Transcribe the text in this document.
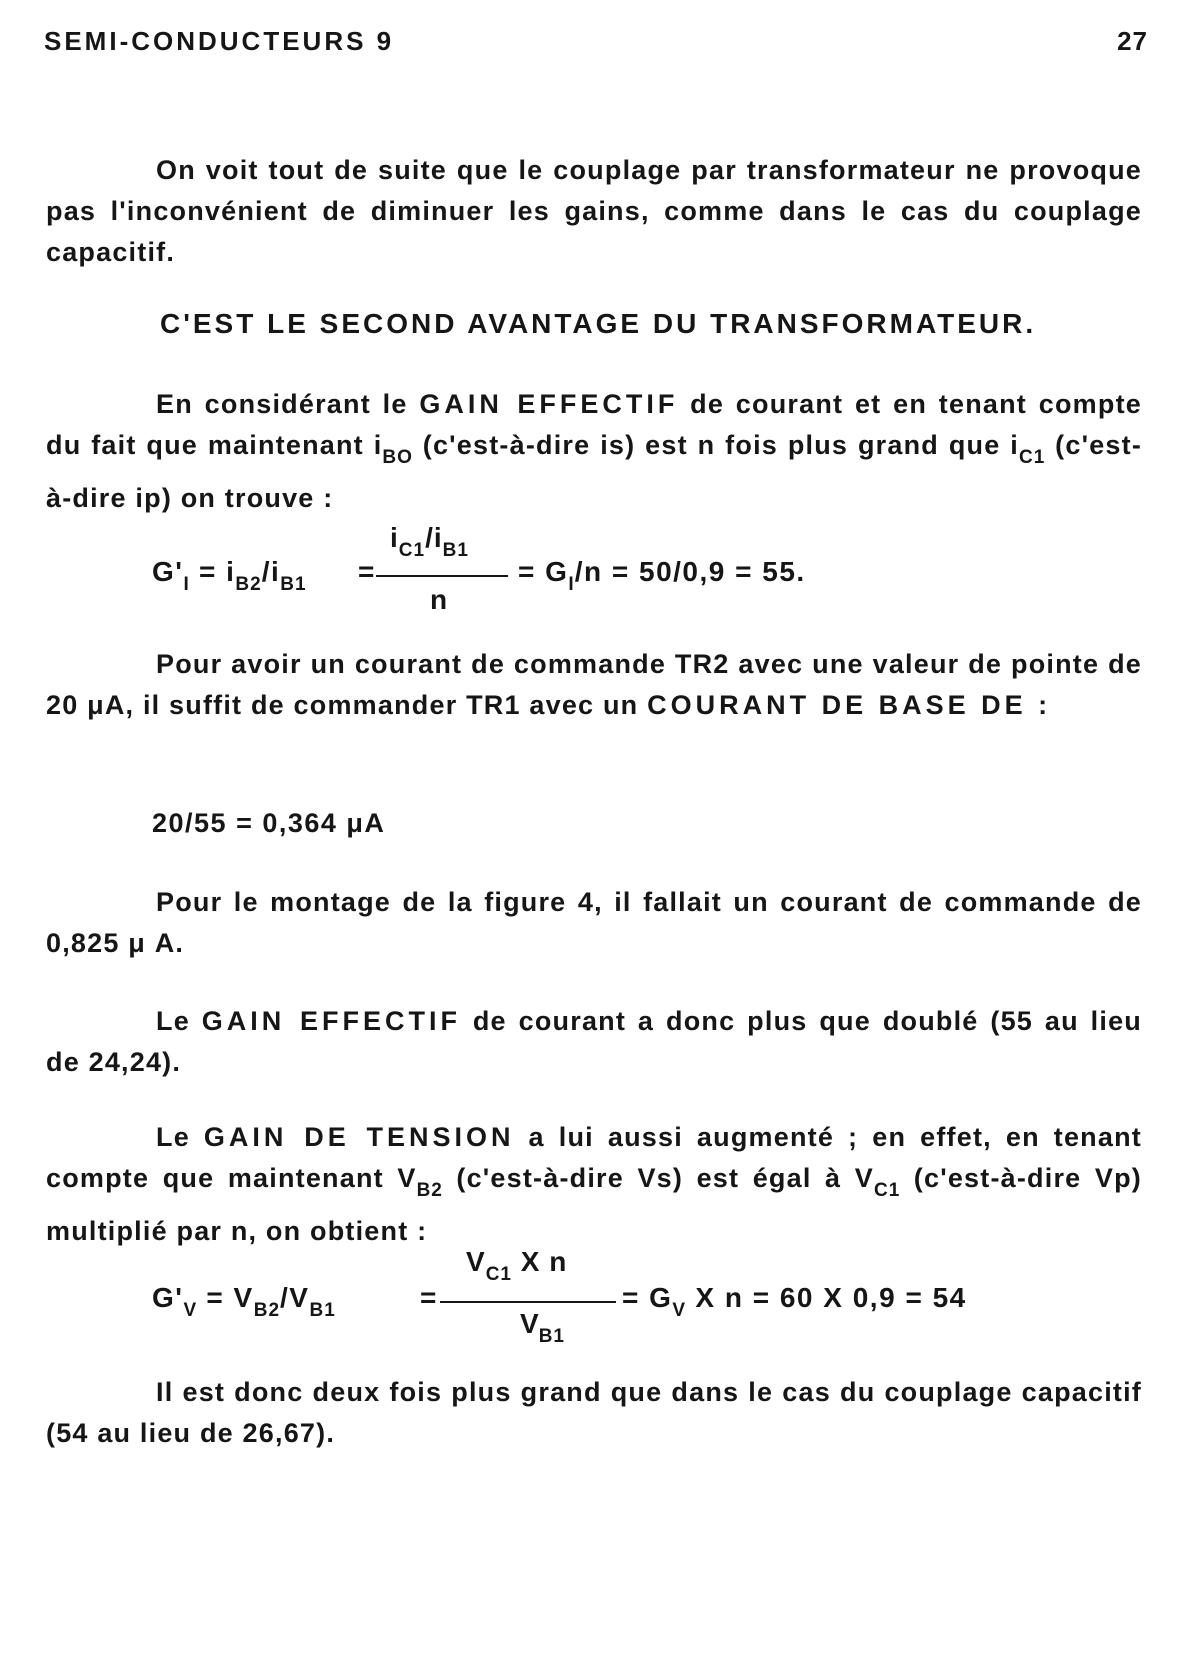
SEMI-CONDUCTEURS 9	27

On voit tout de suite que le couplage par transformateur ne provoque pas l'inconvénient de diminuer les gains, comme dans le cas du couplage capacitif.

C'EST LE SECOND AVANTAGE DU TRANSFORMATEUR.

En considérant le GAIN EFFECTIF de courant et en tenant compte du fait que maintenant $i_{BO}$ (c'est-à-dire is) est n fois plus grand que $i_{C1}$ (c'est-à-dire ip) on trouve :

$G'_I = i_{B2}/i_{B1}$ =
$i_{C1}/i_{B1}$
n
= $G_I/n = 50/0,9 = 55$.

Pour avoir un courant de commande TR2 avec une valeur de pointe de 20 μA, il suffit de commander TR1 avec un COURANT DE BASE DE :

20/55 = 0,364 μA

Pour le montage de la figure 4, il fallait un courant de commande de 0,825 μ A.

Le GAIN EFFECTIF de courant a donc plus que doublé (55 au lieu de 24,24).

Le GAIN DE TENSION a lui aussi augmenté ; en effet, en tenant compte que maintenant $V_{B2}$ (c'est-à-dire Vs) est égal à $V_{C1}$ (c'est-à-dire Vp) multiplié par n, on obtient :

$G'_V = V_{B2}/V_{B1}$	=
$V_{C1}$ X n
$V_{B1}$
= $G_V$ X n = 60 X 0,9 = 54

Il est donc deux fois plus grand que dans le cas du couplage capacitif (54 au lieu de 26,67).
